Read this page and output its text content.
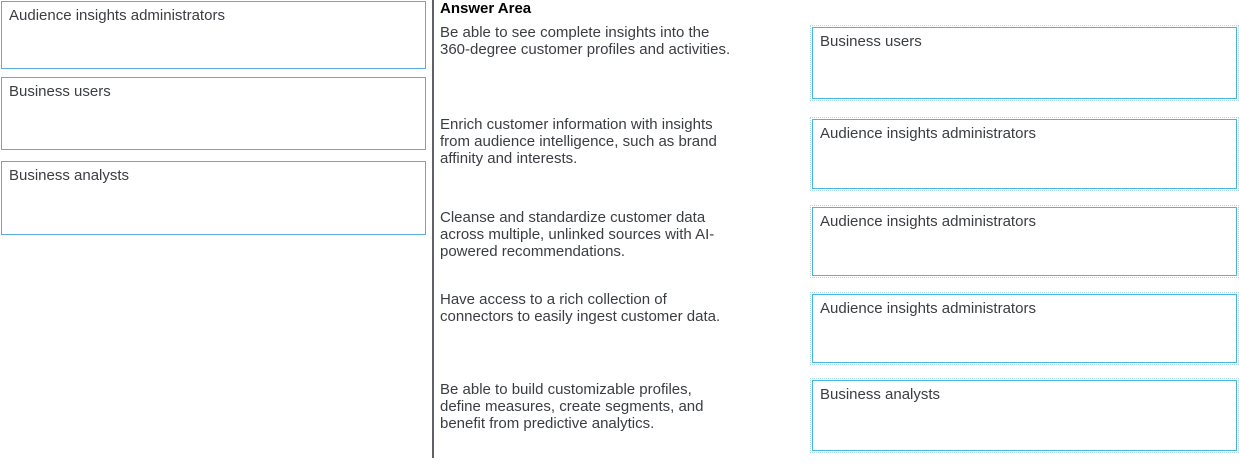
Audience insights administrators
Business users
Business analysts
Answer Area
Be able to see complete insights into the 360-degree customer profiles and activities.	Business users
Enrich customer information with insights from audience intelligence, such as brand affinity and interests.
Audience insights administrators
Cleanse and standardize customer data across multiple, unlinked sources with AI-powered recommendations.
Audience insights administrators
Have access to a rich collection of connectors to easily ingest customer data.	Audience insights administrators
Be able to build customizable profiles, define measures, create segments, and benefit from predictive analytics.
Business analysts
